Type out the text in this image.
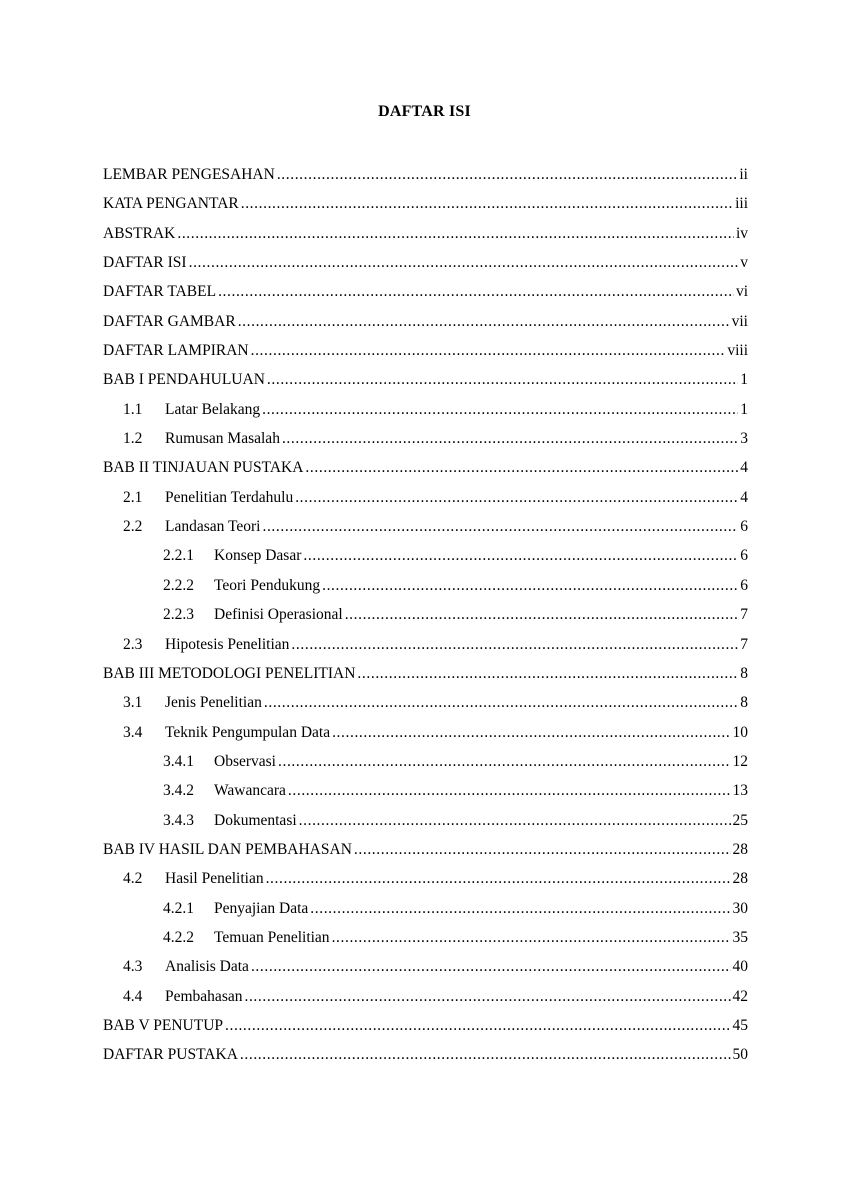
DAFTAR ISI
LEMBAR PENGESAHAN .....	ii
KATA PENGANTAR .....	iii
ABSTRAK .....	iv
DAFTAR ISI .....	v
DAFTAR TABEL .....	vi
DAFTAR GAMBAR .....	vii
DAFTAR LAMPIRAN .....	viii
BAB I PENDAHULUAN .....	1
1.1	Latar Belakang .....	1
1.2	Rumusan Masalah .....	3
BAB II TINJAUAN PUSTAKA .....	4
2.1	Penelitian Terdahulu .....	4
2.2	Landasan Teori .....	6
2.2.1	Konsep Dasar .....	6
2.2.2	Teori Pendukung .....	6
2.2.3	Definisi Operasional .....	7
2.3	Hipotesis Penelitian .....	7
BAB III METODOLOGI PENELITIAN .....	8
3.1	Jenis Penelitian .....	8
3.4	Teknik Pengumpulan Data .....	10
3.4.1	Observasi .....	12
3.4.2	Wawancara .....	13
3.4.3	Dokumentasi .....	25
BAB IV HASIL DAN PEMBAHASAN .....	28
4.2	Hasil Penelitian .....	28
4.2.1	Penyajian Data .....	30
4.2.2	Temuan Penelitian .....	35
4.3	Analisis Data .....	40
4.4	Pembahasan .....	42
BAB V PENUTUP .....	45
DAFTAR PUSTAKA .....	50
